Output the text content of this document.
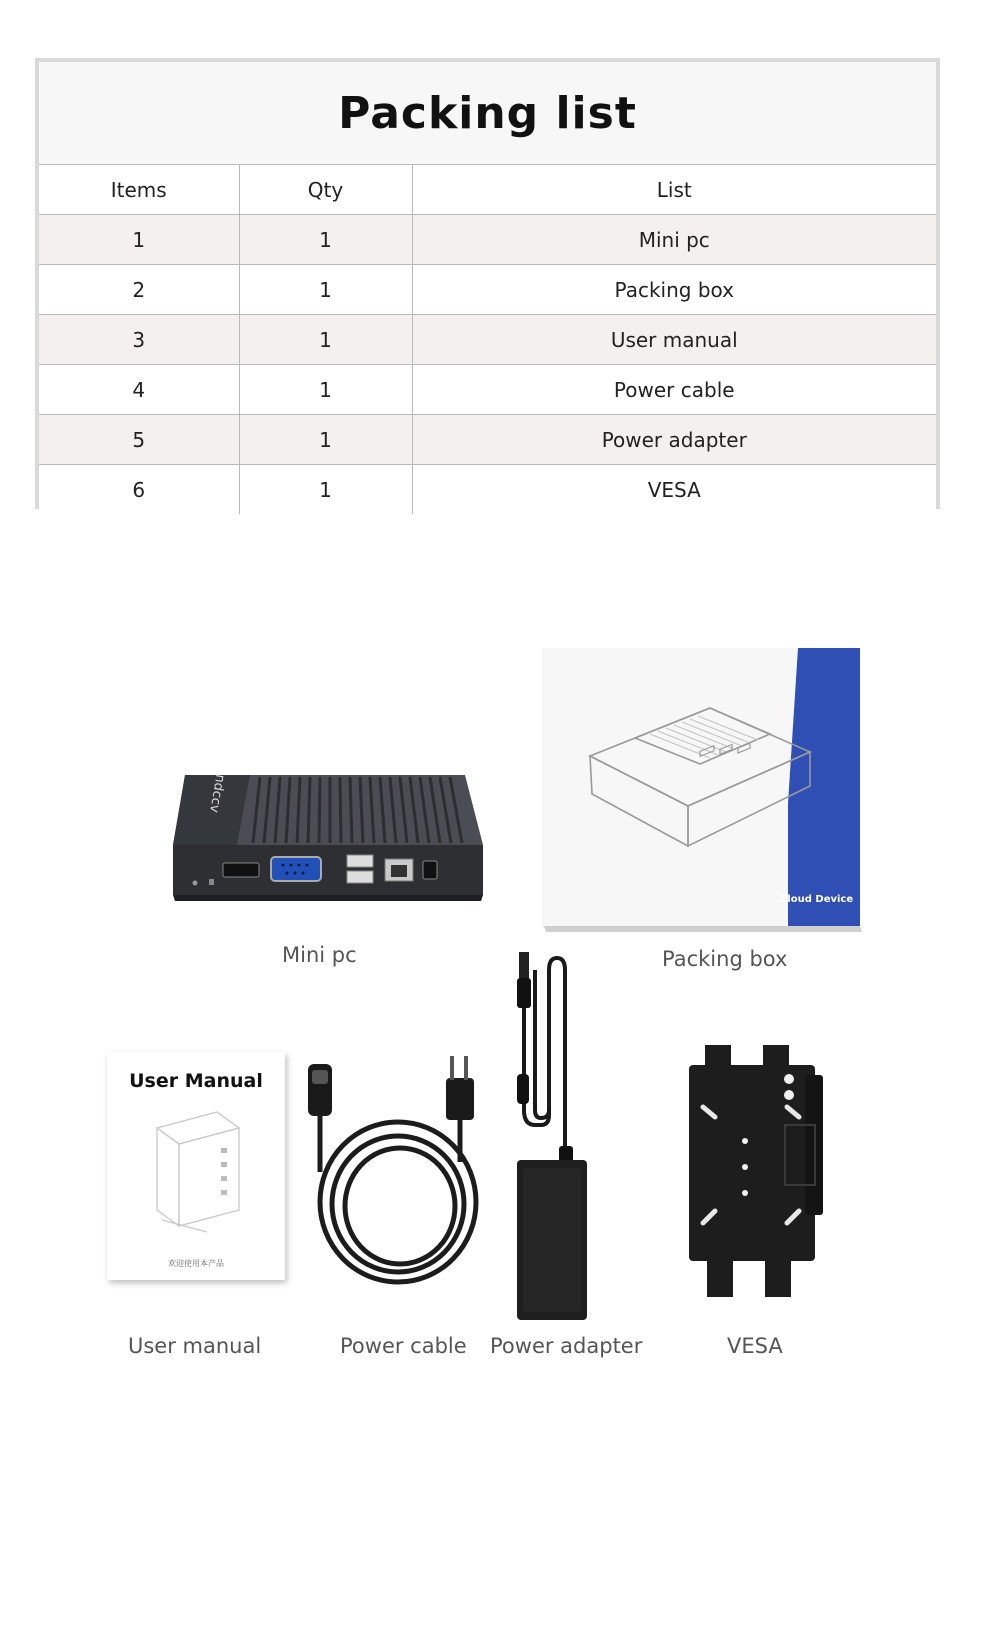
Packing list
Items	Qty	List
1	1	Mini pc
2	1	Packing box
3	1	User manual
4	1	Power cable
5	1	Power adapter
6	1	VESA
ʌɔɔpu
Mini pc
Cloud Device
Packing box
User Manual
欢迎使用本产品
User manual	Power cable Power adapter	VESA
